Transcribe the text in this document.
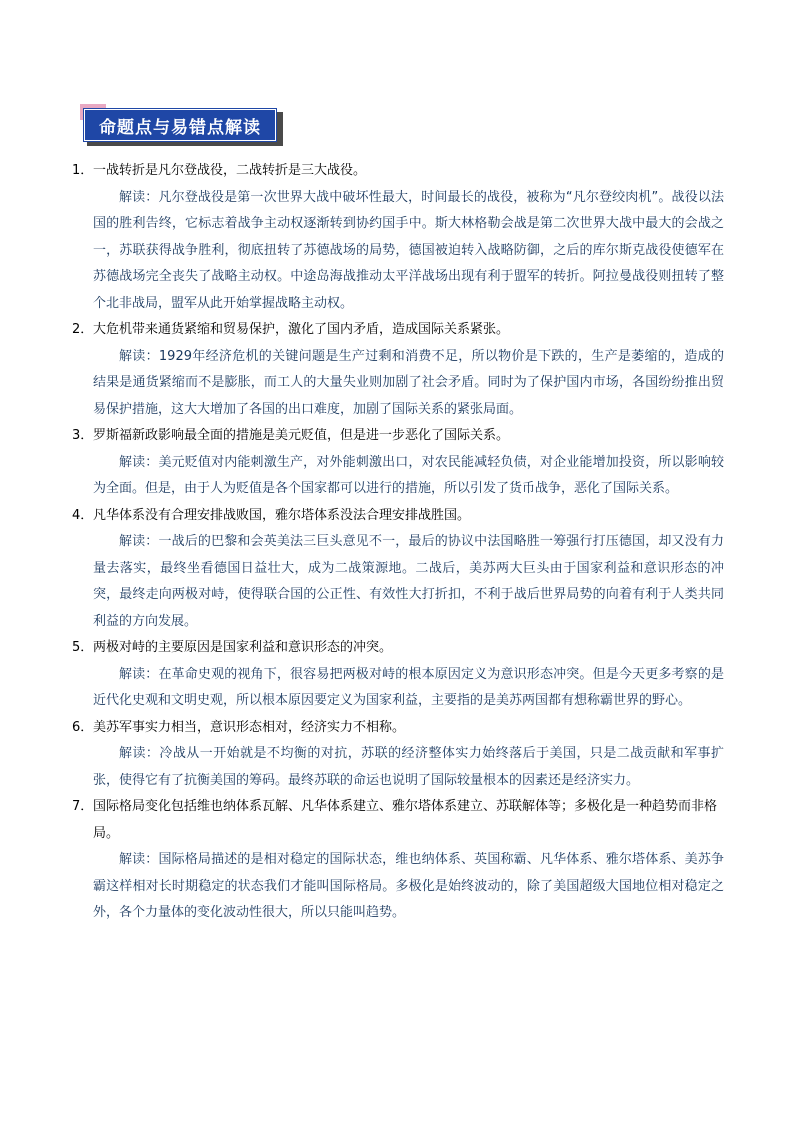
命题点与易错点解读
1． 一战转折是凡尔登战役，二战转折是三大战役。
解读：凡尔登战役是第一次世界大战中破坏性最大，时间最长的战役，被称为“凡尔登绞肉机”。战役以法国的胜利告终，它标志着战争主动权逐渐转到协约国手中。斯大林格勒会战是第二次世界大战中最大的会战之一，苏联获得战争胜利，彻底扭转了苏德战场的局势，德国被迫转入战略防御，之后的库尔斯克战役使德军在苏德战场完全丧失了战略主动权。中途岛海战推动太平洋战场出现有利于盟军的转折。阿拉曼战役则扭转了整个北非战局，盟军从此开始掌握战略主动权。
2． 大危机带来通货紧缩和贸易保护，激化了国内矛盾，造成国际关系紧张。
解读：1929年经济危机的关键问题是生产过剩和消费不足，所以物价是下跌的，生产是萎缩的，造成的结果是通货紧缩而不是膨胀，而工人的大量失业则加剧了社会矛盾。同时为了保护国内市场，各国纷纷推出贸易保护措施，这大大增加了各国的出口难度，加剧了国际关系的紧张局面。
3． 罗斯福新政影响最全面的措施是美元贬值，但是进一步恶化了国际关系。
解读：美元贬值对内能刺激生产，对外能刺激出口，对农民能减轻负债，对企业能增加投资，所以影响较为全面。但是，由于人为贬值是各个国家都可以进行的措施，所以引发了货币战争，恶化了国际关系。
4． 凡华体系没有合理安排战败国，雅尔塔体系没法合理安排战胜国。
解读：一战后的巴黎和会英美法三巨头意见不一，最后的协议中法国略胜一筹强行打压德国，却又没有力量去落实，最终坐看德国日益壮大，成为二战策源地。二战后，美苏两大巨头由于国家利益和意识形态的冲突，最终走向两极对峙，使得联合国的公正性、有效性大打折扣，不利于战后世界局势的向着有利于人类共同利益的方向发展。
5． 两极对峙的主要原因是国家利益和意识形态的冲突。
解读：在革命史观的视角下，很容易把两极对峙的根本原因定义为意识形态冲突。但是今天更多考察的是近代化史观和文明史观，所以根本原因要定义为国家利益，主要指的是美苏两国都有想称霸世界的野心。
6． 美苏军事实力相当，意识形态相对，经济实力不相称。
解读：冷战从一开始就是不均衡的对抗，苏联的经济整体实力始终落后于美国，只是二战贡献和军事扩张，使得它有了抗衡美国的筹码。最终苏联的命运也说明了国际较量根本的因素还是经济实力。
7． 国际格局变化包括维也纳体系瓦解、凡华体系建立、雅尔塔体系建立、苏联解体等；多极化是一种趋势而非格局。
解读：国际格局描述的是相对稳定的国际状态，维也纳体系、英国称霸、凡华体系、雅尔塔体系、美苏争霸这样相对长时期稳定的状态我们才能叫国际格局。多极化是始终波动的，除了美国超级大国地位相对稳定之外，各个力量体的变化波动性很大，所以只能叫趋势。
